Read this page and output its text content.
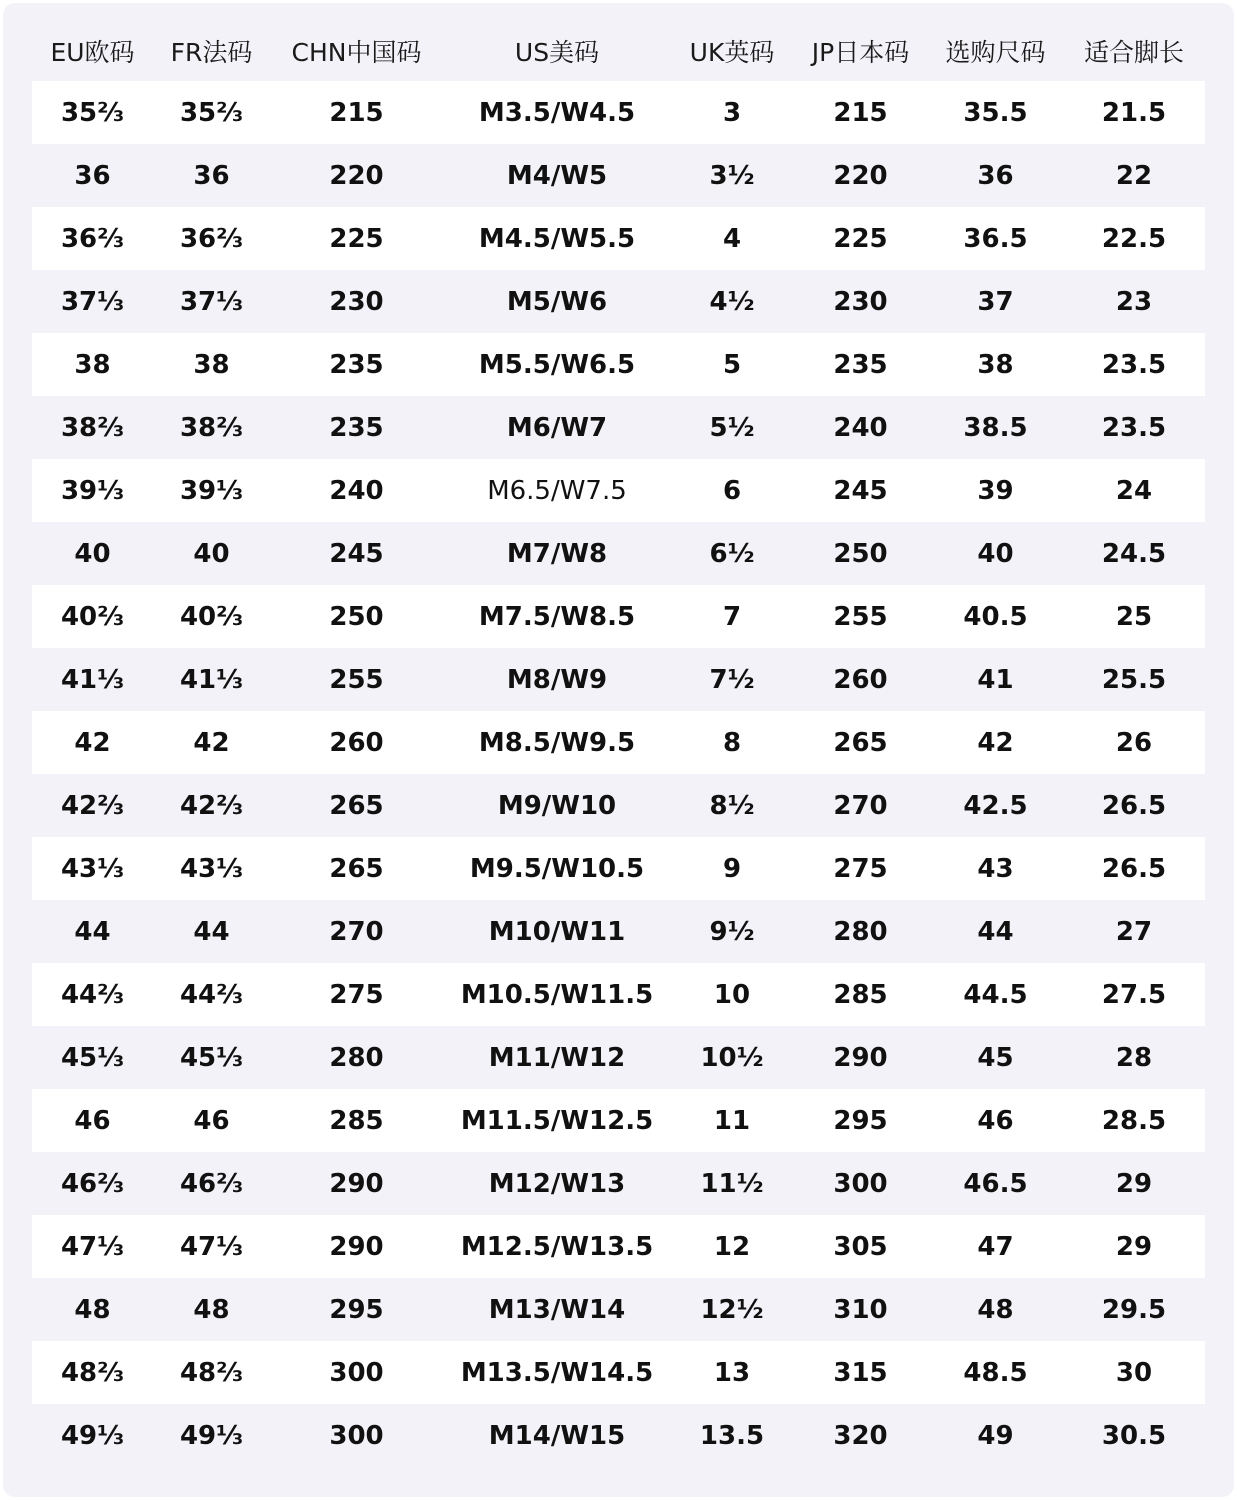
EU欧码	FR法码	CHN中国码	US美码	UK英码	JP日本码	选购尺码	适合脚长
35⅔	35⅔	215	M3.5/W4.5	3	215	35.5	21.5
36	36	220	M4/W5	3½	220	36	22
36⅔	36⅔	225	M4.5/W5.5	4	225	36.5	22.5
37⅓	37⅓	230	M5/W6	4½	230	37	23
38	38	235	M5.5/W6.5	5	235	38	23.5
38⅔	38⅔	235	M6/W7	5½	240	38.5	23.5
39⅓	39⅓	240	M6.5/W7.5	6	245	39	24
40	40	245	M7/W8	6½	250	40	24.5
40⅔	40⅔	250	M7.5/W8.5	7	255	40.5	25
41⅓	41⅓	255	M8/W9	7½	260	41	25.5
42	42	260	M8.5/W9.5	8	265	42	26
42⅔	42⅔	265	M9/W10	8½	270	42.5	26.5
43⅓	43⅓	265	M9.5/W10.5	9	275	43	26.5
44	44	270	M10/W11	9½	280	44	27
44⅔	44⅔	275	M10.5/W11.5	10	285	44.5	27.5
45⅓	45⅓	280	M11/W12	10½	290	45	28
46	46	285	M11.5/W12.5	11	295	46	28.5
46⅔	46⅔	290	M12/W13	11½	300	46.5	29
47⅓	47⅓	290	M12.5/W13.5	12	305	47	29
48	48	295	M13/W14	12½	310	48	29.5
48⅔	48⅔	300	M13.5/W14.5	13	315	48.5	30
49⅓	49⅓	300	M14/W15	13.5	320	49	30.5
